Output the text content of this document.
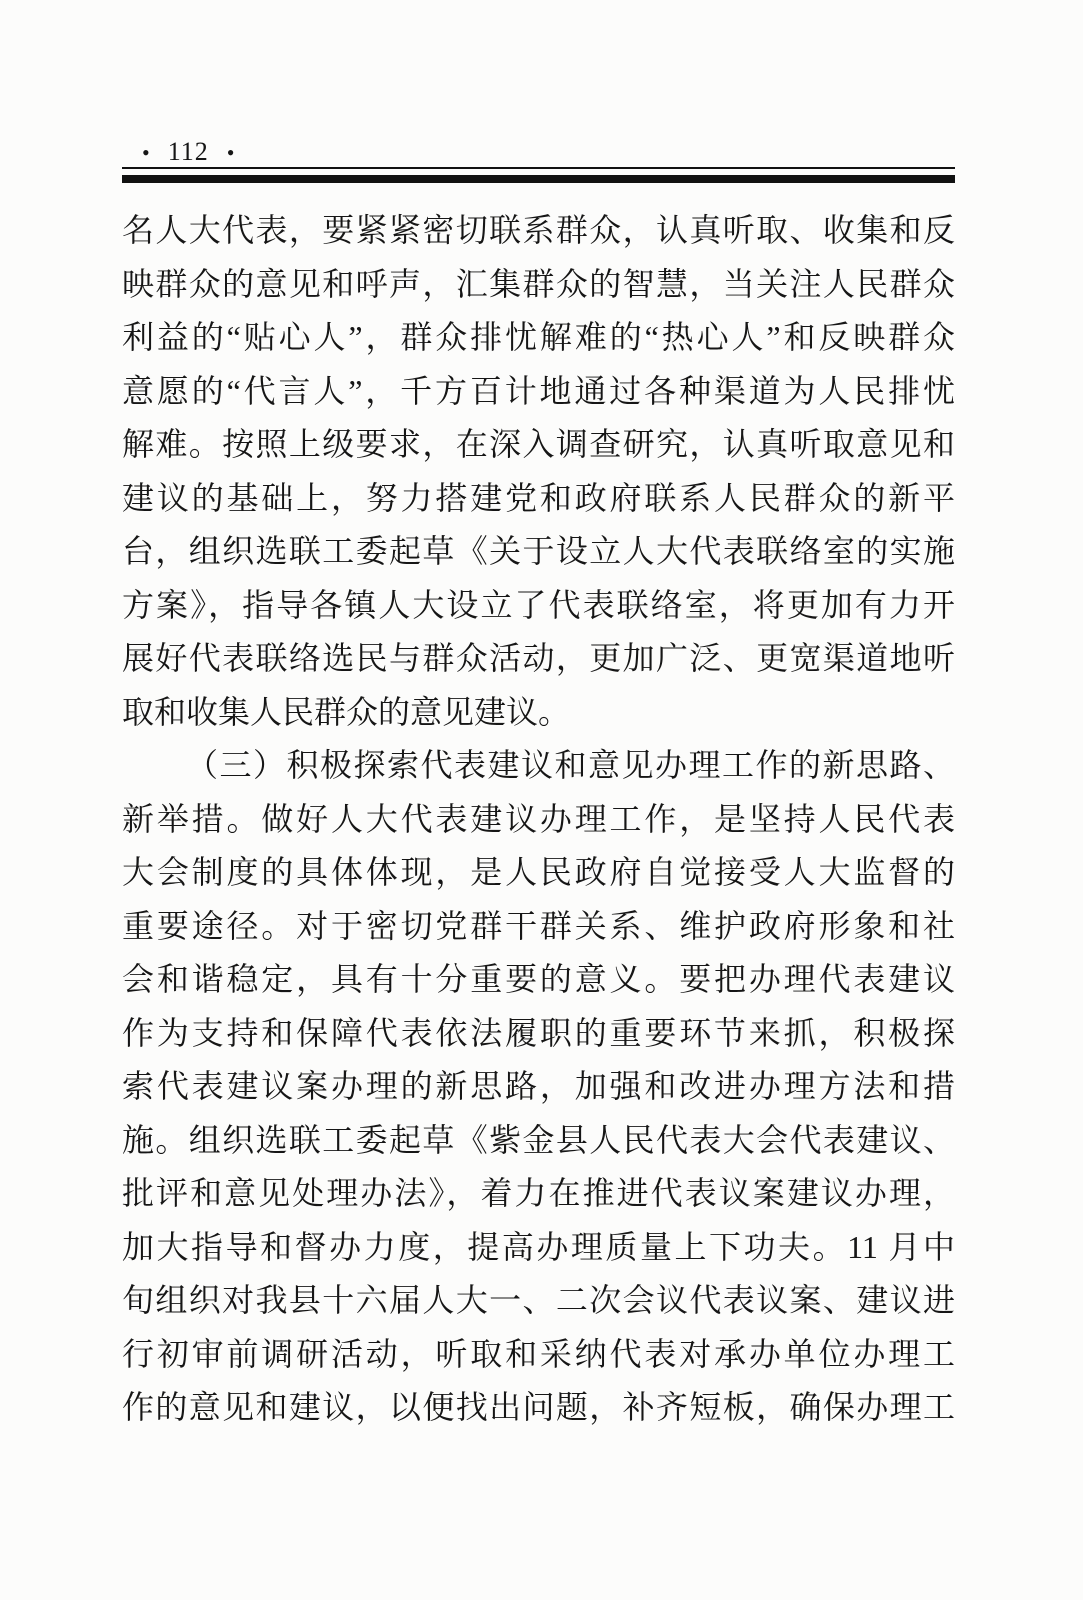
• 112 •
名人大代表，要紧紧密切联系群众，认真听取、收集和反
映群众的意见和呼声，汇集群众的智慧，当关注人民群众
利益的“贴心人”，群众排忧解难的“热心人”和反映群众
意愿的“代言人”，千方百计地通过各种渠道为人民排忧
解难。按照上级要求，在深入调查研究，认真听取意见和
建议的基础上，努力搭建党和政府联系人民群众的新平
台，组织选联工委起草《关于设立人大代表联络室的实施
方案》，指导各镇人大设立了代表联络室，将更加有力开
展好代表联络选民与群众活动，更加广泛、更宽渠道地听
取和收集人民群众的意见建议。
（三）积极探索代表建议和意见办理工作的新思路、
新举措。做好人大代表建议办理工作，是坚持人民代表
大会制度的具体体现，是人民政府自觉接受人大监督的
重要途径。对于密切党群干群关系、维护政府形象和社
会和谐稳定，具有十分重要的意义。要把办理代表建议
作为支持和保障代表依法履职的重要环节来抓，积极探
索代表建议案办理的新思路，加强和改进办理方法和措
施。组织选联工委起草《紫金县人民代表大会代表建议、
批评和意见处理办法》，着力在推进代表议案建议办理，
加大指导和督办力度，提高办理质量上下功夫。11 月中
旬组织对我县十六届人大一、二次会议代表议案、建议进
行初审前调研活动，听取和采纳代表对承办单位办理工
作的意见和建议，以便找出问题，补齐短板，确保办理工
